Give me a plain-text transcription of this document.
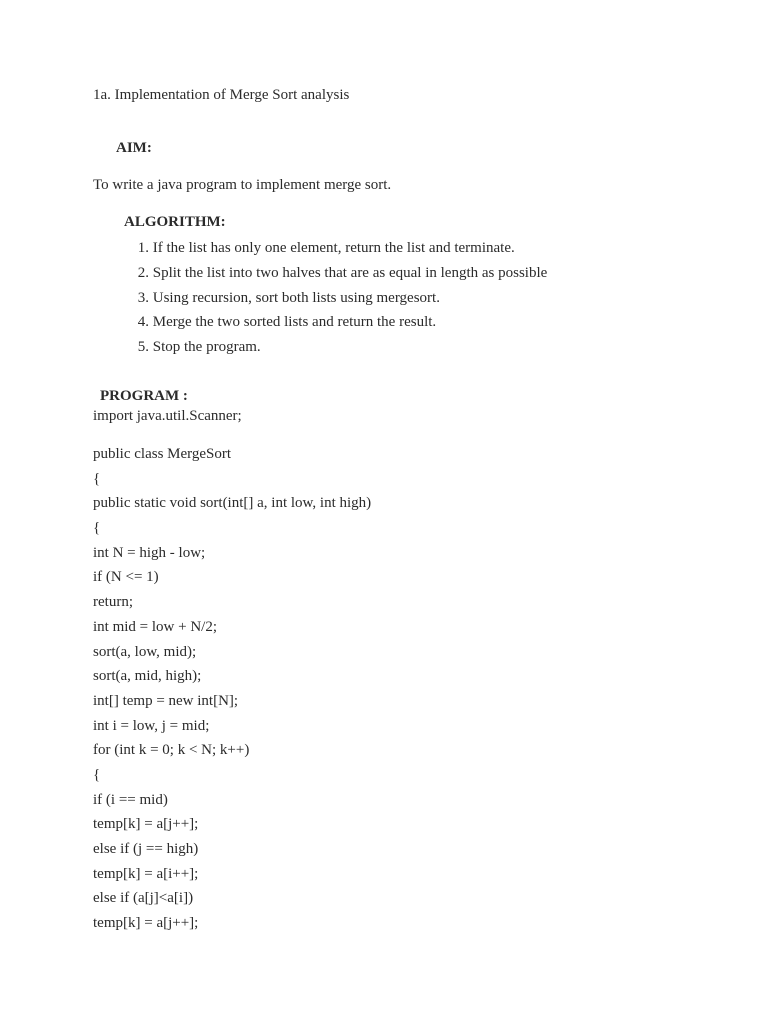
1a. Implementation of Merge Sort analysis
AIM:
To write a java program to implement merge sort.
ALGORITHM:
1. If the list has only one element, return the list and terminate.
2. Split the list into two halves that are as equal in length as possible
3. Using recursion, sort both lists using mergesort.
4. Merge the two sorted lists and return the result.
5. Stop the program.
PROGRAM :
import java.util.Scanner;
public class MergeSort
{
public static void sort(int[] a, int low, int high)
{
int N = high - low;
if (N <= 1)
return;
int mid = low + N/2;
sort(a, low, mid);
sort(a, mid, high);
int[] temp = new int[N];
int i = low, j = mid;
for (int k = 0; k < N; k++)
{
if (i == mid)
temp[k] = a[j++];
else if (j == high)
temp[k] = a[i++];
else if (a[j]<a[i])
temp[k] = a[j++];
